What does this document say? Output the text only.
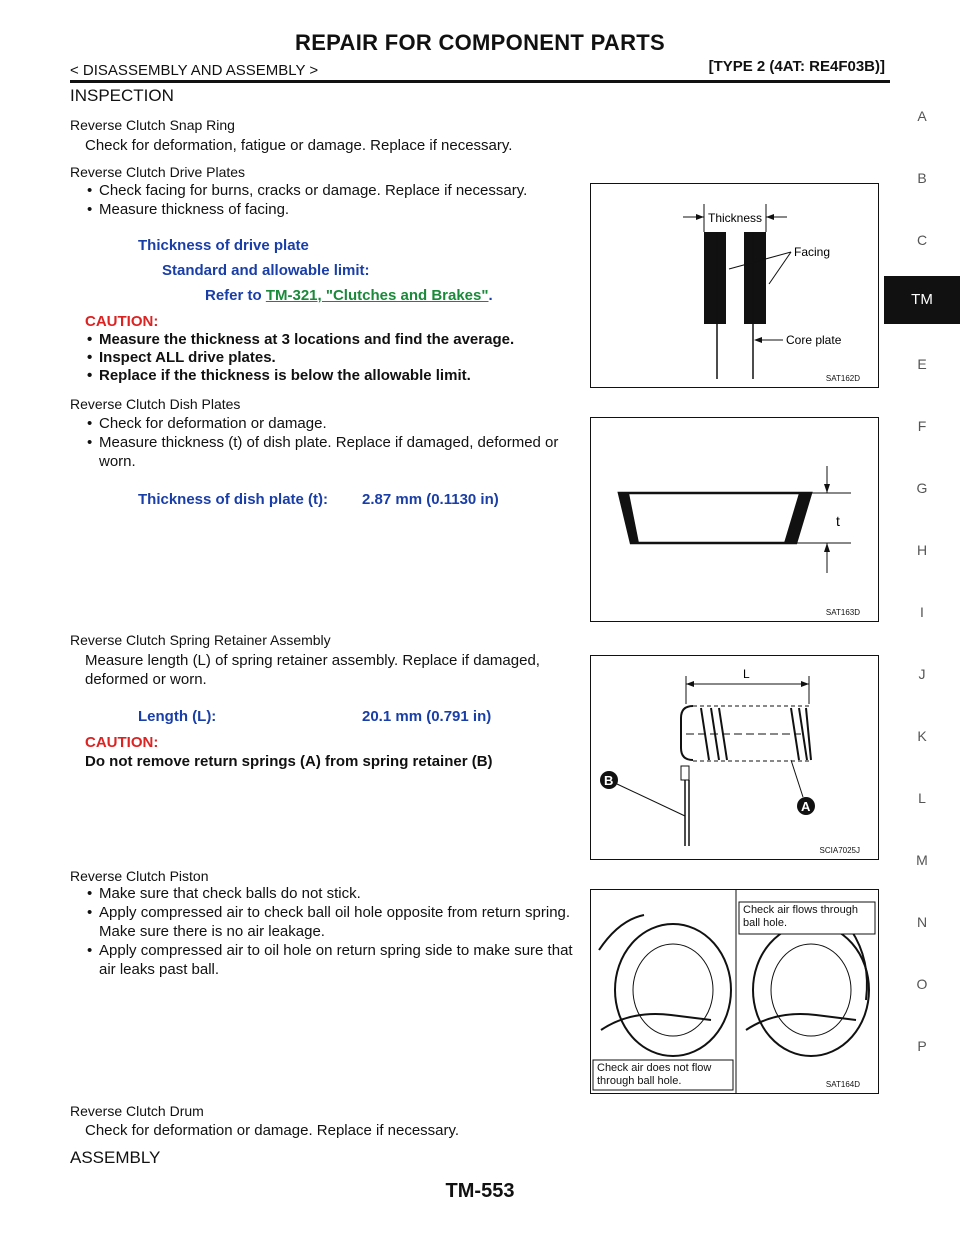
REPAIR FOR COMPONENT PARTS
< DISASSEMBLY AND ASSEMBLY >	[TYPE 2 (4AT: RE4F03B)]
A
B
C
TM
E
F
G
H
I
J
K
L
M
N
O
P
INSPECTION
Reverse Clutch Snap Ring
Check for deformation, fatigue or damage. Replace if necessary.
Reverse Clutch Drive Plates
• Check facing for burns, cracks or damage. Replace if necessary.
• Measure thickness of facing.
Thickness of drive plate
Standard and allowable limit:
Refer to TM-321, "Clutches and Brakes".
CAUTION:
• Measure the thickness at 3 locations and find the average.
• Inspect ALL drive plates.
• Replace if the thickness is below the allowable limit.
Thickness
Facing
Core plate
SAT162D
Reverse Clutch Dish Plates
• Check for deformation or damage.
• Measure thickness (t) of dish plate. Replace if damaged, deformed or worn.
Thickness of dish plate (t): 2.87 mm (0.1130 in)
t
SAT163D
Reverse Clutch Spring Retainer Assembly
Measure length (L) of spring retainer assembly. Replace if damaged, deformed or worn.
Length (L):	20.1 mm (0.791 in)
CAUTION:
Do not remove return springs (A) from spring retainer (B)
L
B
A
SCIA7025J
Reverse Clutch Piston
• Make sure that check balls do not stick.
• Apply compressed air to check ball oil hole opposite from return spring. Make sure there is no air leakage.
• Apply compressed air to oil hole on return spring side to make sure that air leaks past ball.
Check air does not flow through ball hole.
Check air flows through ball hole.
SAT164D
Reverse Clutch Drum
Check for deformation or damage. Replace if necessary.
ASSEMBLY
TM-553
